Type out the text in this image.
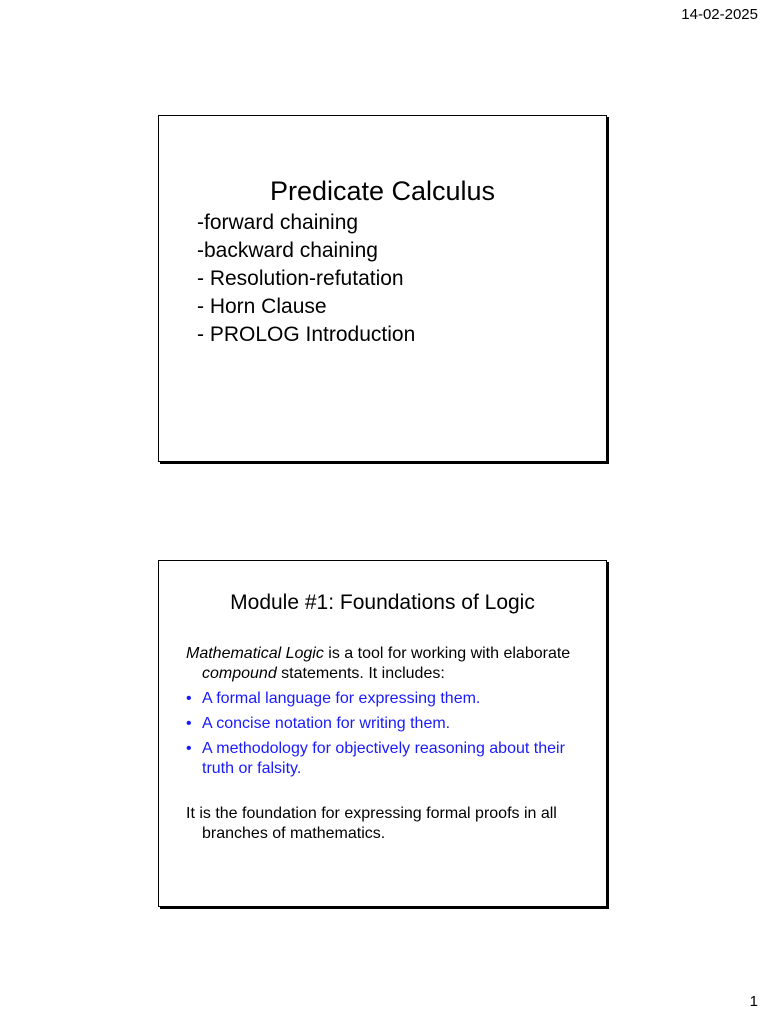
14-02-2025
Predicate Calculus
-forward chaining
-backward chaining
- Resolution-refutation
- Horn Clause
- PROLOG Introduction
Module #1: Foundations of Logic

Mathematical Logic is a tool for working with elaborate compound statements. It includes:

• A formal language for expressing them.
• A concise notation for writing them.
• A methodology for objectively reasoning about their truth or falsity.

It is the foundation for expressing formal proofs in all branches of mathematics.

1
